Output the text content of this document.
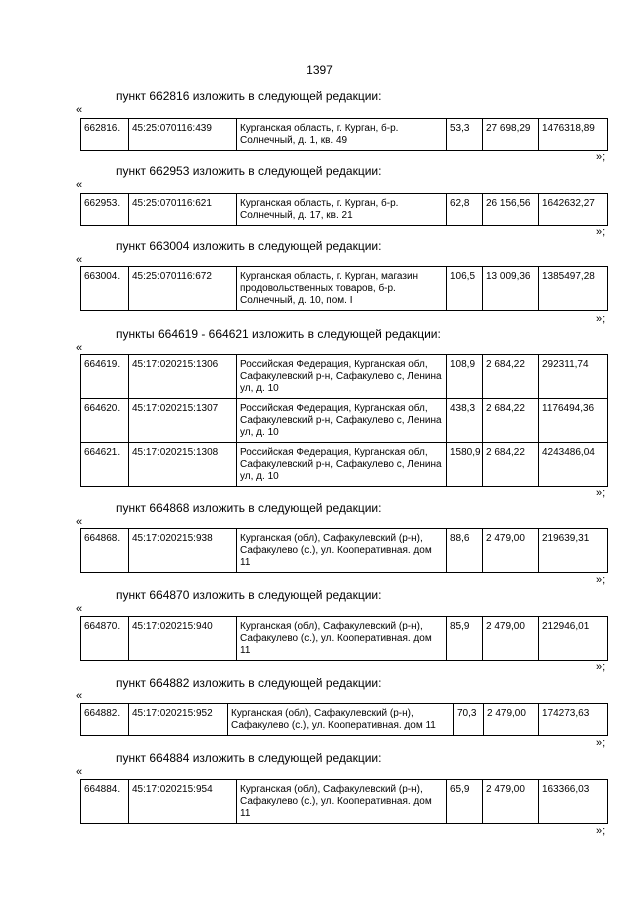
1397
пункт 662816 изложить в следующей редакции:
«
662816.	45:25:070116:439	Курганская область, г. Курган, б-р. Солнечный, д. 1, кв. 49	53,3	27 698,29	1476318,89
»;
пункт 662953 изложить в следующей редакции:
«
662953.	45:25:070116:621	Курганская область, г. Курган, б-р. Солнечный, д. 17, кв. 21	62,8	26 156,56	1642632,27
»;
пункт 663004 изложить в следующей редакции:
«
663004.	45:25:070116:672	Курганская область, г. Курган, магазин продовольственных товаров, б-р. Солнечный, д. 10, пом. I	106,5	13 009,36	1385497,28
»;
пункты 664619 - 664621 изложить в следующей редакции:
«
664619.	45:17:020215:1306	Российская Федерация, Курганская обл, Сафакулевский р-н, Сафакулево с, Ленина ул, д. 10	108,9	2 684,22	292311,74
664620.	45:17:020215:1307	Российская Федерация, Курганская обл, Сафакулевский р-н, Сафакулево с, Ленина ул, д. 10	438,3	2 684,22	1176494,36
664621.	45:17:020215:1308	Российская Федерация, Курганская обл, Сафакулевский р-н, Сафакулево с, Ленина ул, д. 10	1580,9	2 684,22	4243486,04
»;
пункт 664868 изложить в следующей редакции:
«
664868.	45:17:020215:938	Курганская (обл), Сафакулевский (р-н), Сафакулево (с.), ул. Кооперативная. дом 11	88,6	2 479,00	219639,31
»;
пункт 664870 изложить в следующей редакции:
«
664870.	45:17:020215:940	Курганская (обл), Сафакулевский (р-н), Сафакулево (с.), ул. Кооперативная. дом 11	85,9	2 479,00	212946,01
»;
пункт 664882 изложить в следующей редакции:
«
664882.	45:17:020215:952	Курганская (обл), Сафакулевский (р-н), Сафакулево (с.), ул. Кооперативная. дом 11	70,3	2 479,00	174273,63
»;
пункт 664884 изложить в следующей редакции:
«
664884.	45:17:020215:954	Курганская (обл), Сафакулевский (р-н), Сафакулево (с.), ул. Кооперативная. дом 11	65,9	2 479,00	163366,03
»;
